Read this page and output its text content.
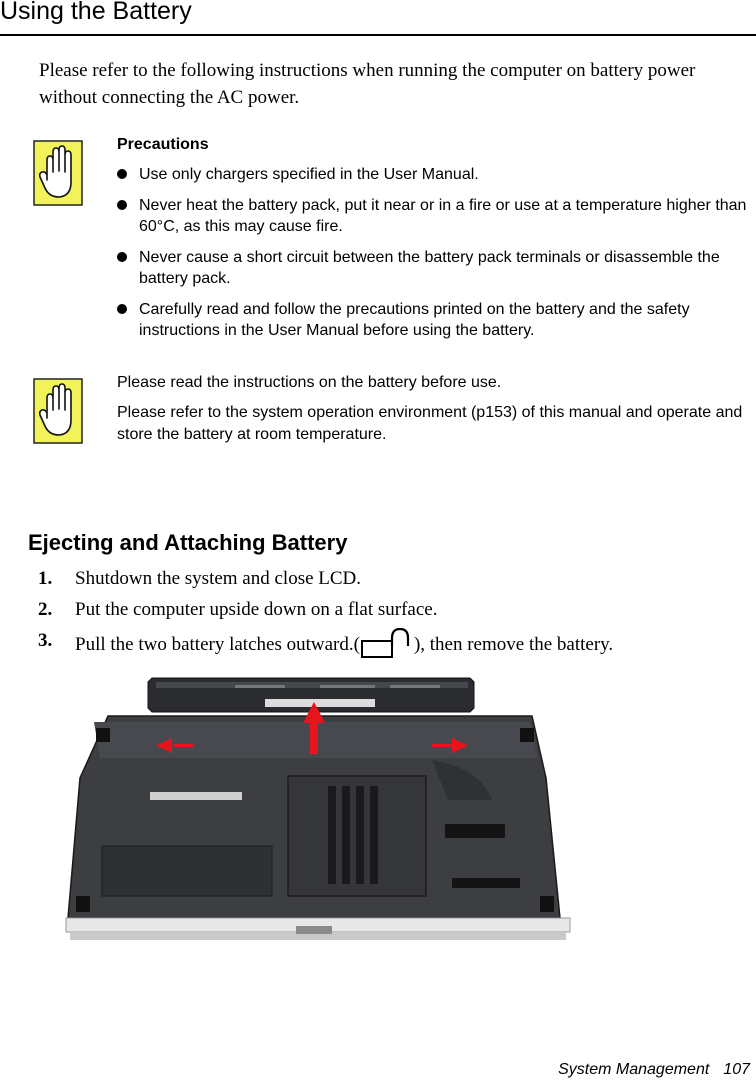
Using the Battery
Please refer to the following instructions when running the computer on battery power without connecting the AC power.
Precautions
Use only chargers specified in the User Manual.
Never heat the battery pack, put it near or in a fire or use at a temperature higher than 60°C, as this may cause fire.
Never cause a short circuit between the battery pack terminals or disassemble the battery pack.
Carefully read and follow the precautions printed on the battery and the safety instructions in the User Manual before using the battery.
Please read the instructions on the battery before use.
Please refer to the system operation environment (p153) of this manual and operate and store the battery at room temperature.
Ejecting and Attaching Battery
1.	Shutdown the system and close LCD.
2.	Put the computer upside down on a flat surface.
3.	Pull the two battery latches outward.(	), then remove the battery.
System Management 107
